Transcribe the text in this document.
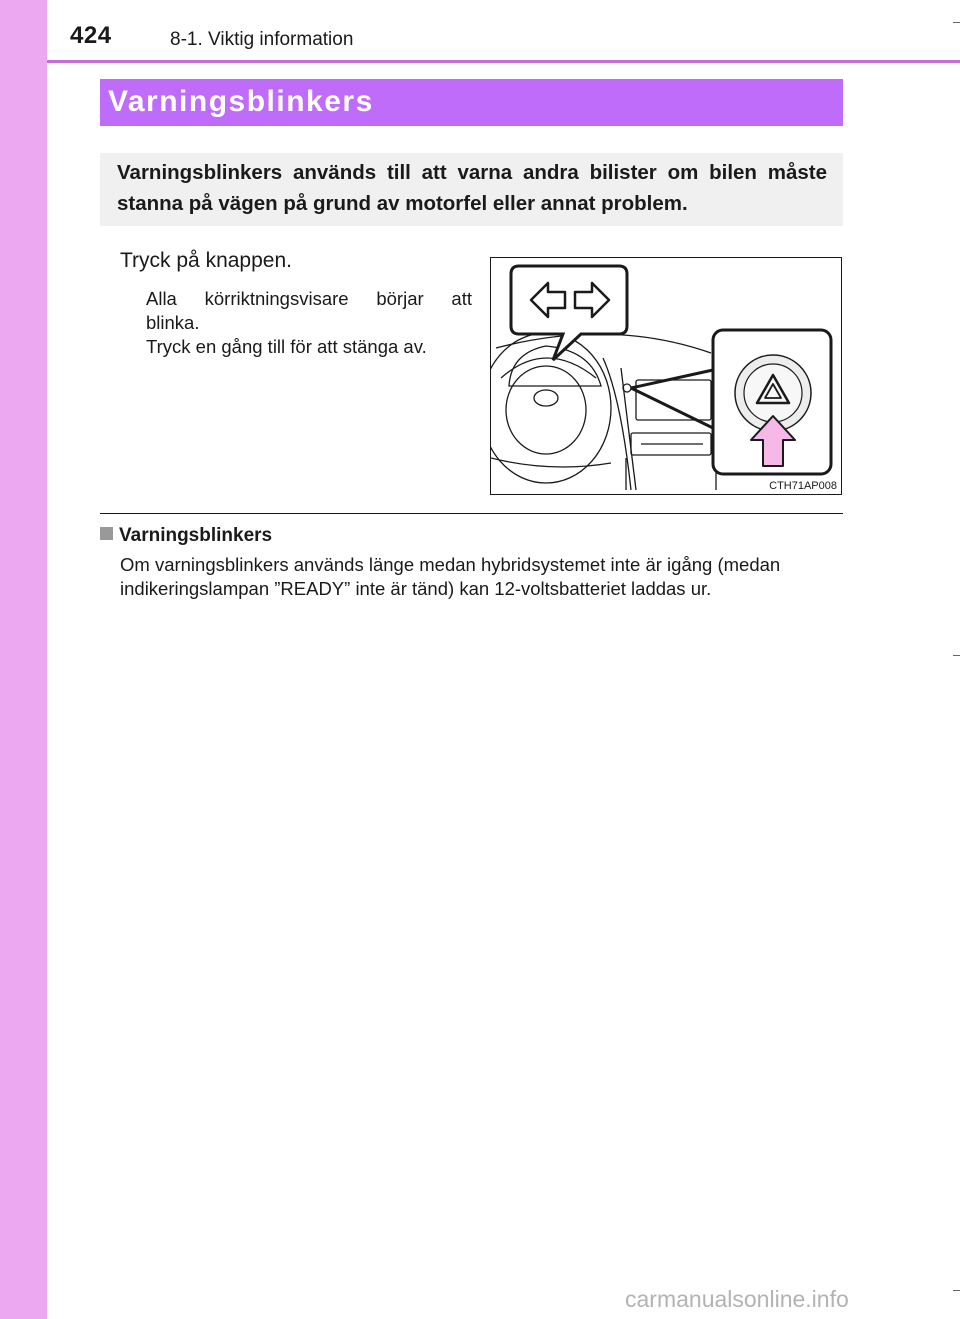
424	8-1. Viktig information
Varningsblinkers
Varningsblinkers används till att varna andra bilister om bilen måste stanna på vägen på grund av motorfel eller annat problem.
Tryck på knappen.
Alla körriktningsvisare börjar att
blinka.
Tryck en gång till för att stänga av.
CTH71AP008
Varningsblinkers
Om varningsblinkers används länge medan hybridsystemet inte är igång (medan indikeringslampan ”READY” inte är tänd) kan 12-voltsbatteriet laddas ur.
carmanualsonline.info
